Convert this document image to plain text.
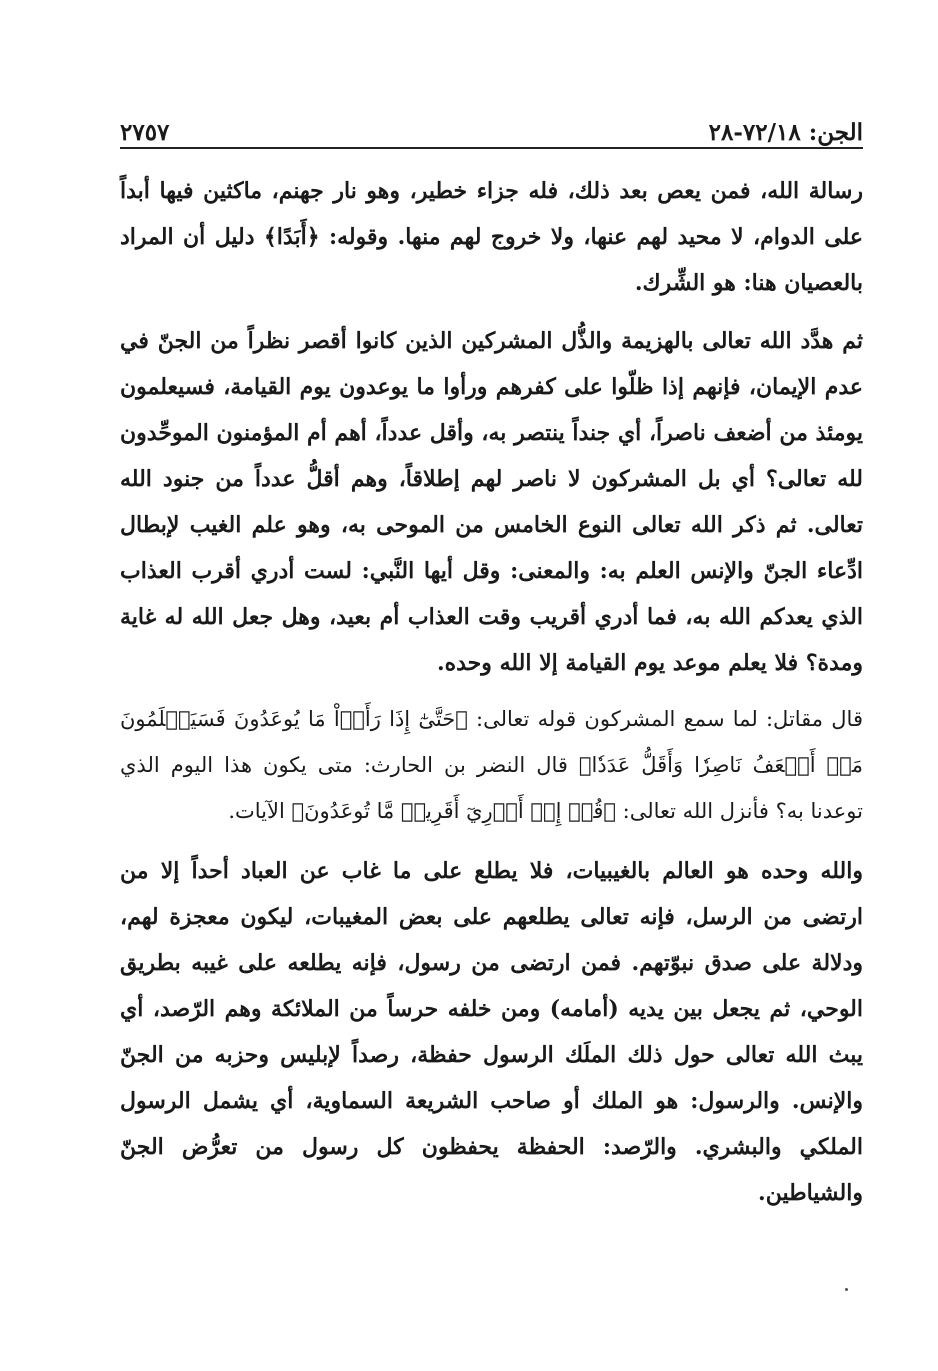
الجن: ٧٢/١٨-٢٨
٢٧٥٧

رسالة الله، فمن يعص بعد ذلك، فله جزاء خطير، وهو نار جهنم، ماكثين فيها أبداً على الدوام، لا محيد لهم عنها، ولا خروج لهم منها. وقوله: ﴿أَبَدًا﴾ دليل أن المراد بالعصيان هنا: هو الشِّرك.

ثم هدَّد الله تعالى بالهزيمة والذُّل المشركين الذين كانوا أقصر نظراً من الجنّ في عدم الإيمان، فإنهم إذا ظلّوا على كفرهم ورأوا ما يوعدون يوم القيامة، فسيعلمون يومئذ من أضعف ناصراً، أي جنداً ينتصر به، وأقل عدداً، أهم أم المؤمنون الموحِّدون لله تعالى؟ أي بل المشركون لا ناصر لهم إطلاقاً، وهم أقلُّ عدداً من جنود الله تعالى. ثم ذكر الله تعالى النوع الخامس من الموحى به، وهو علم الغيب لإبطال ادِّعاء الجنّ والإنس العلم به: والمعنى: وقل أيها النَّبي: لست أدري أقرب العذاب الذي يعدكم الله به، فما أدري أقريب وقت العذاب أم بعيد، وهل جعل الله له غاية ومدة؟ فلا يعلم موعد يوم القيامة إلا الله وحده.

قال مقاتل: لما سمع المشركون قوله تعالى: ﴿حَتَّىٰٓ إِذَا رَأَوۡاْ مَا يُوعَدُونَ فَسَيَعۡلَمُونَ مَنۡ أَضۡعَفُ نَاصِرٗا وَأَقَلُّ عَدَدٗا﴾ قال النضر بن الحارث: متى يكون هذا اليوم الذي توعدنا به؟ فأنزل الله تعالى: ﴿قُلۡ إِنۡ أَدۡرِيٓ أَقَرِيبٞ مَّا تُوعَدُونَ﴾ الآيات.

والله وحده هو العالم بالغيبيات، فلا يطلع على ما غاب عن العباد أحداً إلا من ارتضى من الرسل، فإنه تعالى يطلعهم على بعض المغيبات، ليكون معجزة لهم، ودلالة على صدق نبوّتهم. فمن ارتضى من رسول، فإنه يطلعه على غيبه بطريق الوحي، ثم يجعل بين يديه (أمامه) ومن خلفه حرساً من الملائكة وهم الرّصد، أي يبث الله تعالى حول ذلك الملَك الرسول حفظة، رصداً لإبليس وحزبه من الجنّ والإنس. والرسول: هو الملك أو صاحب الشريعة السماوية، أي يشمل الرسول الملكي والبشري. والرّصد: الحفظة يحفظون كل رسول من تعرُّض الجنّ والشياطين.
